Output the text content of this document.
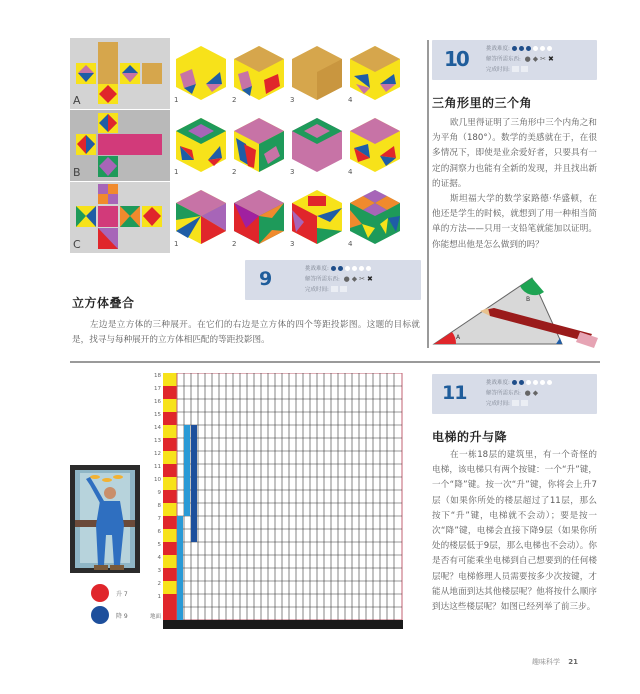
A
B
C
1	2	3	4
1	2	3	4
1	2	3	4
9	挑战难度:
解答所需东西: ● ◆ ✂ ✖
完成时间:
立方体叠合

左边是立方体的三种展开。在它们的右边是立方体的四个等距投影图。这题的目标就是，找寻与每种展开的立方体相匹配的等距投影图。

10	挑战难度:
解答所需东西: ● ◆ ✂ ✖
完成时间:
三角形里的三个角

欧几里得证明了三角形中三个内角之和为平角（180°）。数学的美感就在于，在很多情况下，即使是业余爱好者，只要具有一定的洞察力也能有全新的发现，并且找出新的证据。

斯坦福大学的数学家路德·华盛顿，在他还是学生的时候，就想到了用一种相当简单的方法——只用一支铅笔就能加以证明。你能想出他是怎么做到的吗？

A
B
18
17
16
15
14
13
12
11
10
9
8
7
6
5
4
3
2
1
地面
升 7
降 9
11	挑战难度:
解答所需东西: ● ◆
完成时间:
电梯的升与降

在一栋18层的建筑里，有一个奇怪的电梯，该电梯只有两个按键：一个“升”键，一个“降”键。按一次“升”键，你将会上升7层（如果你所处的楼层超过了11层，那么按下“升”键，电梯就不会动）；要是按一次“降”键，电梯会直接下降9层（如果你所处的楼层低于9层，那么电梯也不会动）。你是否有可能乘坐电梯到自己想要到的任何楼层呢？电梯修理人员需要按多少次按键，才能从地面到达其他楼层呢？他将按什么顺序到达这些楼层呢？如图已经列举了前三步。

趣味科学 21
